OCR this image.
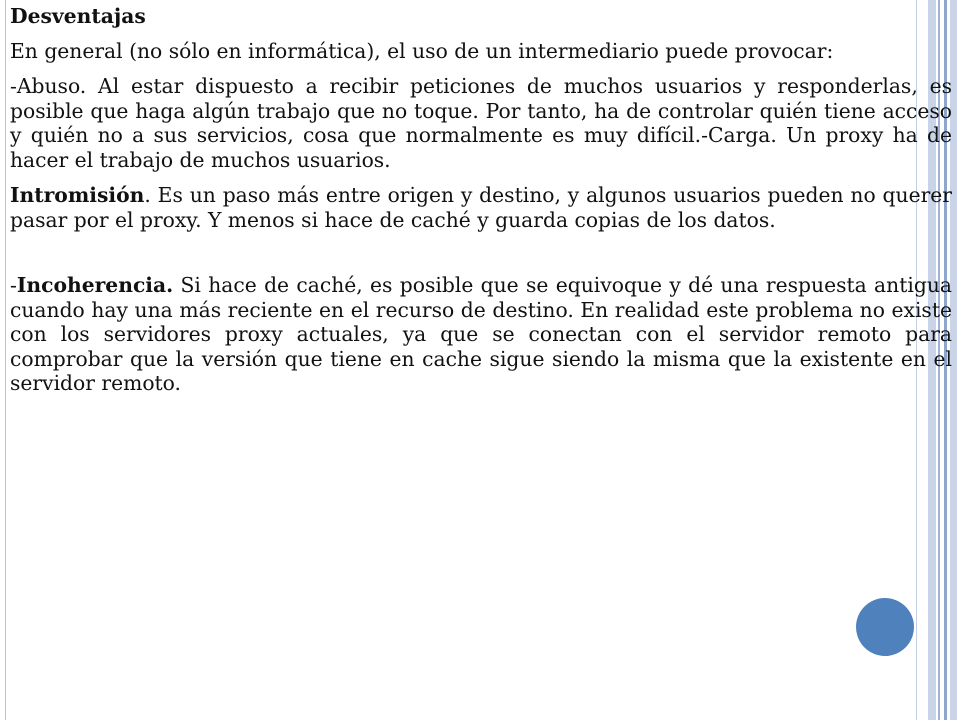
Desventajas

En general (no sólo en informática), el uso de un intermediario puede provocar:

-Abuso. Al estar dispuesto a recibir peticiones de muchos usuarios y responderlas, es posible que haga algún trabajo que no toque. Por tanto, ha de controlar quién tiene acceso y quién no a sus servicios, cosa que normalmente es muy difícil.-Carga. Un proxy ha de hacer el trabajo de muchos usuarios.

Intromisión. Es un paso más entre origen y destino, y algunos usuarios pueden no querer pasar por el proxy. Y menos si hace de caché y guarda copias de los datos.

-Incoherencia. Si hace de caché, es posible que se equivoque y dé una respuesta antigua cuando hay una más reciente en el recurso de destino. En realidad este problema no existe con los servidores proxy actuales, ya que se conectan con el servidor remoto para comprobar que la versión que tiene en cache sigue siendo la misma que la existente en el servidor remoto.
